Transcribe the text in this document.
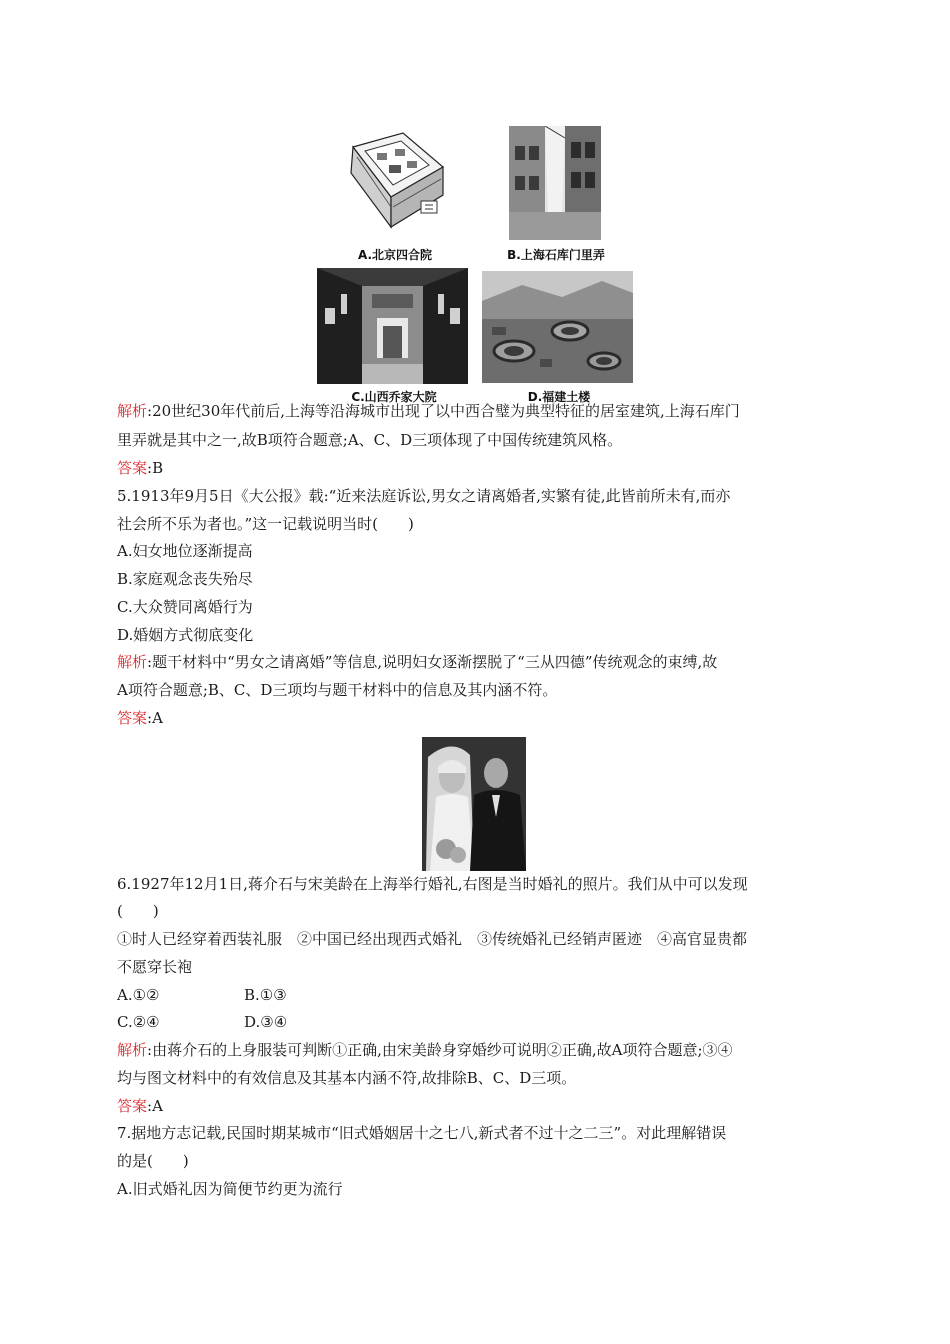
A.北京四合院	B.上海石库门里弄
C.山西乔家大院	D.福建土楼
解析:20世纪30年代前后,上海等沿海城市出现了以中西合璧为典型特征的居室建筑,上海石库门
里弄就是其中之一,故B项符合题意;A、C、D三项体现了中国传统建筑风格。
答案:B
5.1913年9月5日《大公报》载:“近来法庭诉讼,男女之请离婚者,实繁有徒,此皆前所未有,而亦
社会所不乐为者也。”这一记载说明当时(　　)
A.妇女地位逐渐提高
B.家庭观念丧失殆尽
C.大众赞同离婚行为
D.婚姻方式彻底变化
解析:题干材料中“男女之请离婚”等信息,说明妇女逐渐摆脱了“三从四德”传统观念的束缚,故
A项符合题意;B、C、D三项均与题干材料中的信息及其内涵不符。
答案:A
6.1927年12月1日,蒋介石与宋美龄在上海举行婚礼,右图是当时婚礼的照片。我们从中可以发现
(　　)
①时人已经穿着西装礼服　②中国已经出现西式婚礼　③传统婚礼已经销声匿迹　④高官显贵都
不愿穿长袍
A.①②	B.①③
C.②④	D.③④
解析:由蒋介石的上身服装可判断①正确,由宋美龄身穿婚纱可说明②正确,故A项符合题意;③④
均与图文材料中的有效信息及其基本内涵不符,故排除B、C、D三项。
答案:A
7.据地方志记载,民国时期某城市“旧式婚姻居十之七八,新式者不过十之二三”。对此理解错误
的是(　　)
A.旧式婚礼因为简便节约更为流行
